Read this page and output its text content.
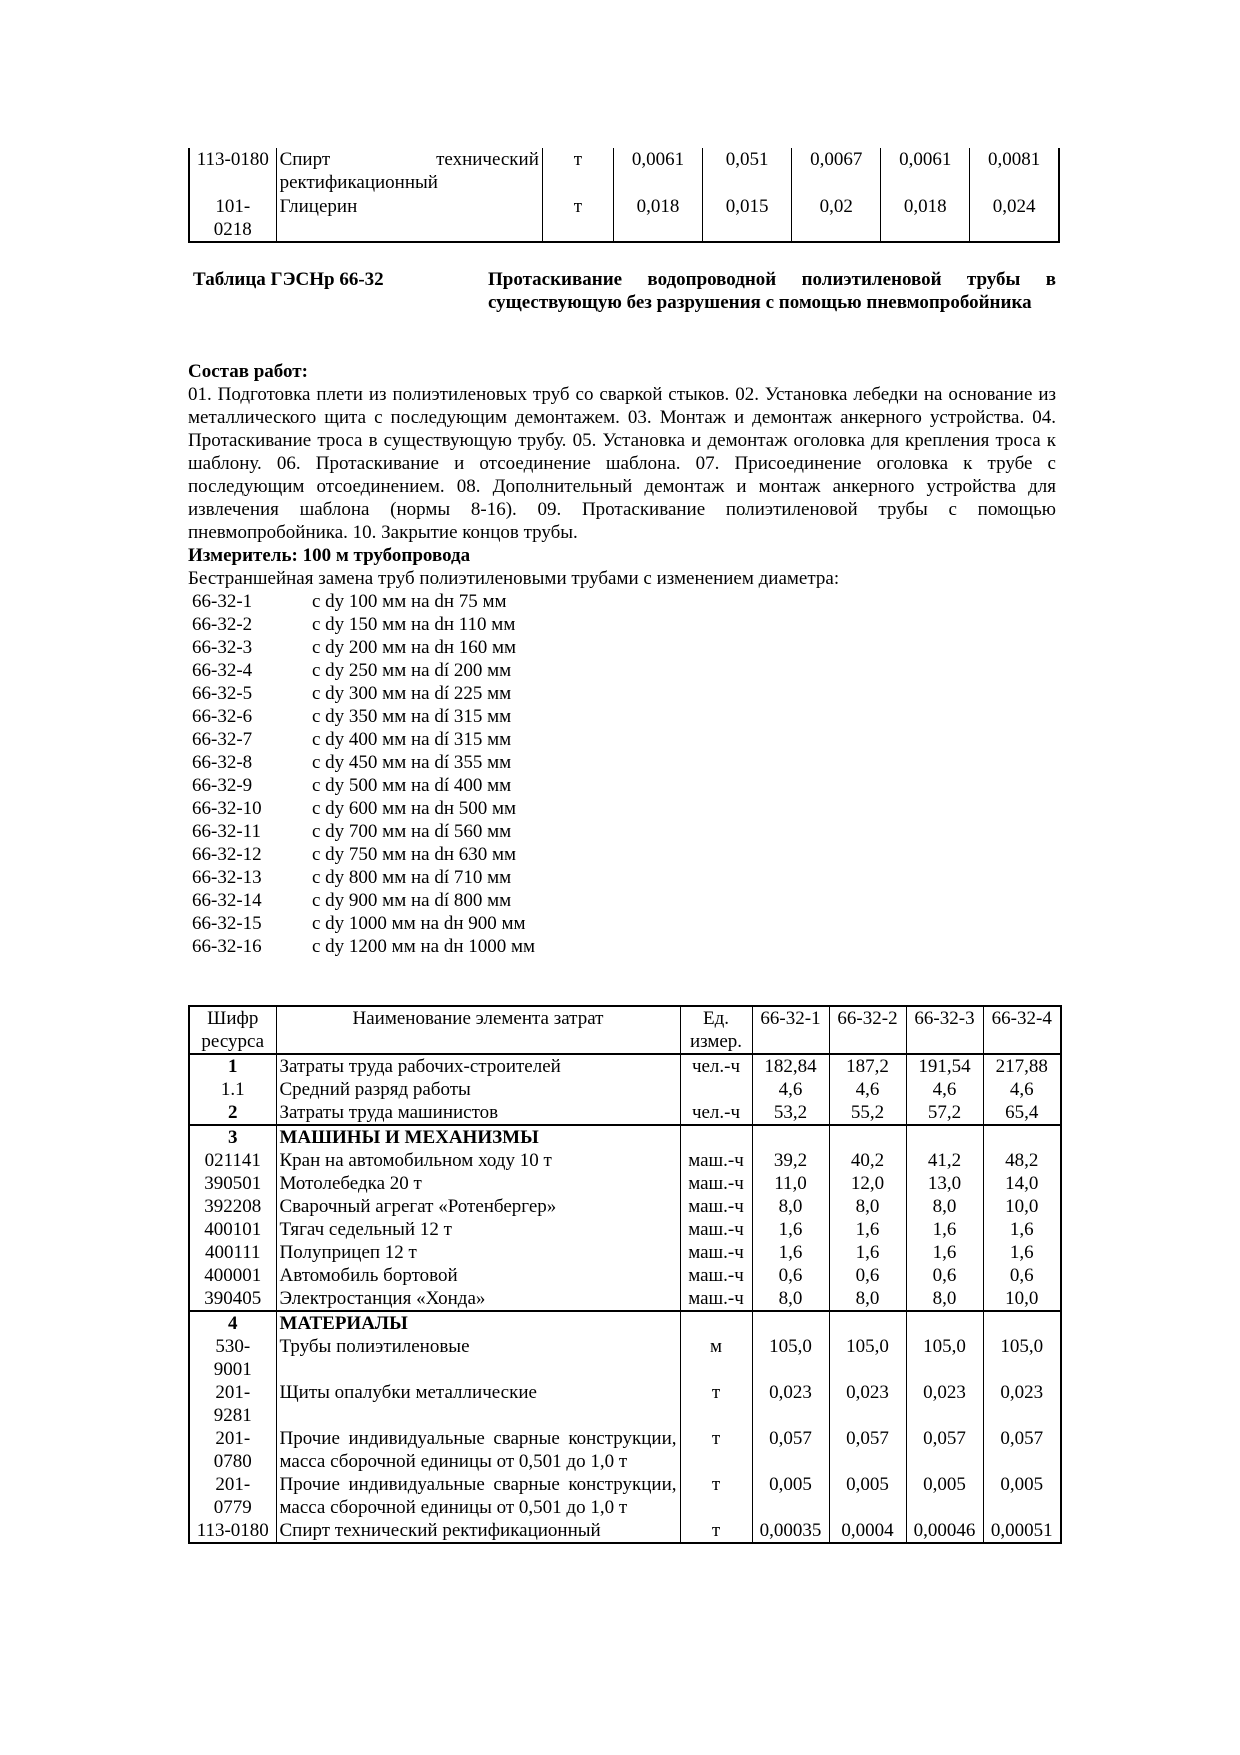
113-0180	Спирт технический ректификационный	т	0,0061	0,051	0,0067	0,0061	0,0081
101-0218	Глицерин	т	0,018	0,015	0,02	0,018	0,024
Таблица ГЭСНр 66-32	Протаскивание водопроводной полиэтиленовой трубы в существующую без разрушения с помощью пневмопробойника

Состав работ:

01. Подготовка плети из полиэтиленовых труб со сваркой стыков. 02. Установка лебедки на основание из металлического щита с последующим демонтажем. 03. Монтаж и демонтаж анкерного устройства. 04. Протаскивание троса в существующую трубу. 05. Установка и демонтаж оголовка для крепления троса к шаблону. 06. Протаскивание и отсоединение шаблона. 07. Присоединение оголовка к трубе с последующим отсоединением. 08. Дополнительный демонтаж и монтаж анкерного устройства для извлечения шаблона (нормы 8-16). 09. Протаскивание полиэтиленовой трубы с помощью пневмопробойника. 10. Закрытие концов трубы.

Измеритель: 100 м трубопровода

Бестраншейная замена труб полиэтиленовыми трубами с изменением диаметра:

66-32-1	с dу 100 мм на dн 75 мм
66-32-2	с dу 150 мм на dн 110 мм
66-32-3	с dу 200 мм на dн 160 мм
66-32-4	с dу 250 мм на dí 200 мм
66-32-5	с dу 300 мм на dí 225 мм
66-32-6	с dу 350 мм на dí 315 мм
66-32-7	с dу 400 мм на dí 315 мм
66-32-8	с dу 450 мм на dí 355 мм
66-32-9	с dу 500 мм на dí 400 мм
66-32-10	с dу 600 мм на dн 500 мм
66-32-11	с dу 700 мм на dí 560 мм
66-32-12	с dу 750 мм на dн 630 мм
66-32-13	с dу 800 мм на dí 710 мм
66-32-14	с dу 900 мм на dí 800 мм
66-32-15	с dу 1000 мм на dн 900 мм
66-32-16	с dу 1200 мм на dн 1000 мм
Шифр ресурса	Наименование элемента затрат	Ед. измер.	66-32-1	66-32-2	66-32-3	66-32-4
1	Затраты труда рабочих-строителей	чел.-ч	182,84	187,2	191,54	217,88
1.1	Средний разряд работы		4,6	4,6	4,6	4,6
2	Затраты труда машинистов	чел.-ч	53,2	55,2	57,2	65,4
3	МАШИНЫ И МЕХАНИЗМЫ					
021141	Кран на автомобильном ходу 10 т	маш.-ч	39,2	40,2	41,2	48,2
390501	Мотолебедка 20 т	маш.-ч	11,0	12,0	13,0	14,0
392208	Сварочный агрегат «Ротенбергер»	маш.-ч	8,0	8,0	8,0	10,0
400101	Тягач седельный 12 т	маш.-ч	1,6	1,6	1,6	1,6
400111	Полуприцеп 12 т	маш.-ч	1,6	1,6	1,6	1,6
400001	Автомобиль бортовой	маш.-ч	0,6	0,6	0,6	0,6
390405	Электростанция «Хонда»	маш.-ч	8,0	8,0	8,0	10,0
4	МАТЕРИАЛЫ					
530-9001	Трубы полиэтиленовые	м	105,0	105,0	105,0	105,0
201-9281	Щиты опалубки металлические	т	0,023	0,023	0,023	0,023
201-0780	Прочие индивидуальные сварные конструкции, масса сборочной единицы от 0,501 до 1,0 т	т	0,057	0,057	0,057	0,057
201-0779	Прочие индивидуальные сварные конструкции, масса сборочной единицы от 0,501 до 1,0 т	т	0,005	0,005	0,005	0,005
113-0180	Спирт технический ректификационный	т	0,00035	0,0004	0,00046	0,00051
